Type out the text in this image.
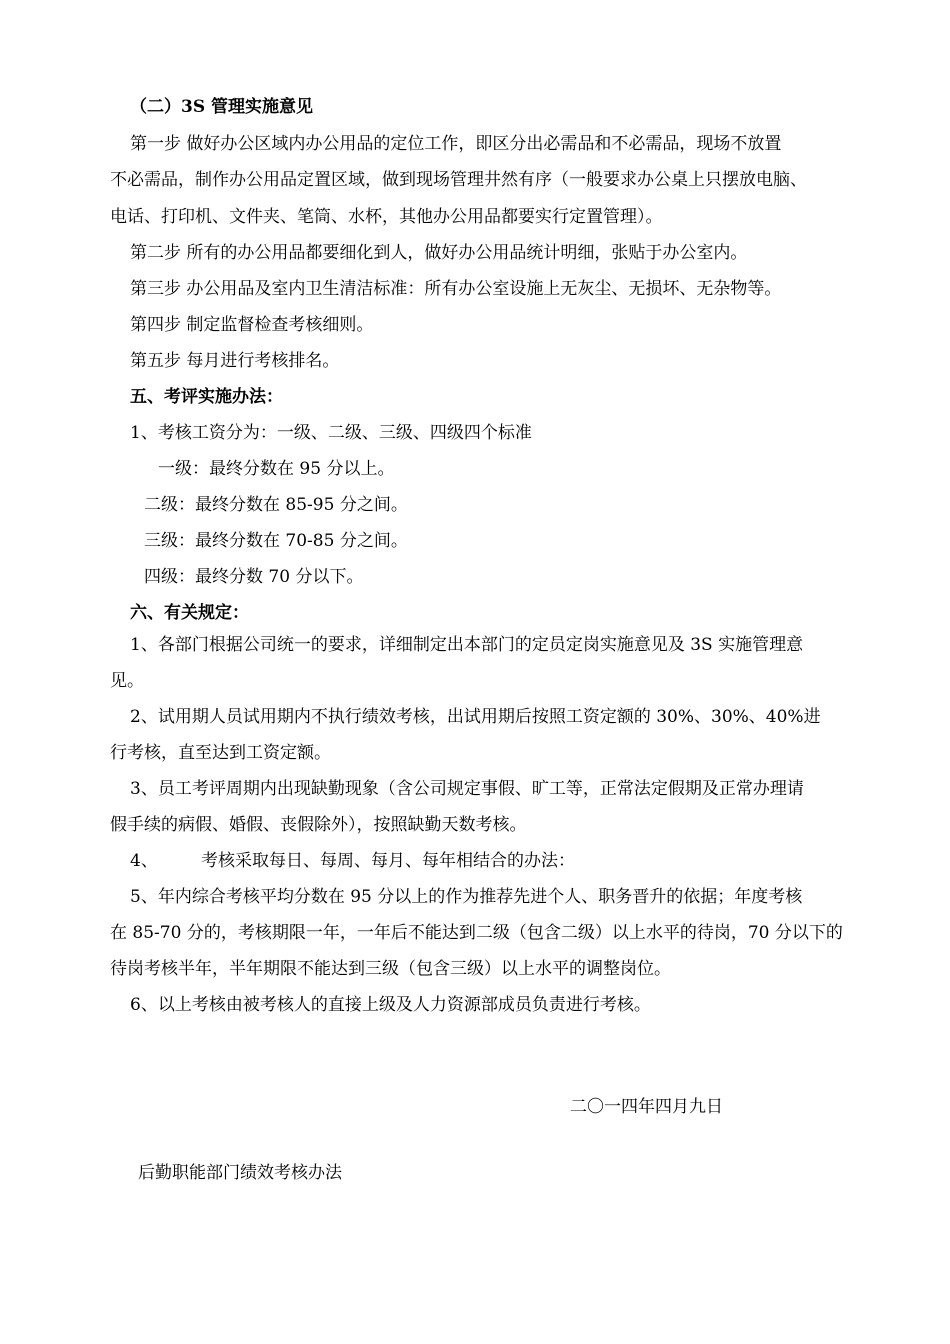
（二）3S 管理实施意见

第一步 做好办公区域内办公用品的定位工作，即区分出必需品和不必需品，现场不放置

不必需品，制作办公用品定置区域，做到现场管理井然有序（一般要求办公桌上只摆放电脑、

电话、打印机、文件夹、笔筒、水杯，其他办公用品都要实行定置管理）。

第二步 所有的办公用品都要细化到人，做好办公用品统计明细，张贴于办公室内。

第三步 办公用品及室内卫生清洁标准：所有办公室设施上无灰尘、无损坏、无杂物等。

第四步 制定监督检查考核细则。

第五步 每月进行考核排名。

五、考评实施办法：

1、考核工资分为：一级、二级、三级、四级四个标准

一级：最终分数在 95 分以上。

二级：最终分数在 85-95 分之间。

三级：最终分数在 70-85 分之间。

四级：最终分数 70 分以下。

六、有关规定：

1、各部门根据公司统一的要求，详细制定出本部门的定员定岗实施意见及 3S 实施管理意

见。

2、试用期人员试用期内不执行绩效考核，出试用期后按照工资定额的 30%、30%、40%进

行考核，直至达到工资定额。

3、员工考评周期内出现缺勤现象（含公司规定事假、旷工等，正常法定假期及正常办理请

假手续的病假、婚假、丧假除外），按照缺勤天数考核。

4、        考核采取每日、每周、每月、每年相结合的办法：

5、年内综合考核平均分数在 95 分以上的作为推荐先进个人、职务晋升的依据；年度考核

在 85-70 分的，考核期限一年，一年后不能达到二级（包含二级）以上水平的待岗，70 分以下的

待岗考核半年，半年期限不能达到三级（包含三级）以上水平的调整岗位。

6、以上考核由被考核人的直接上级及人力资源部成员负责进行考核。

二〇一四年四月九日

后勤职能部门绩效考核办法
